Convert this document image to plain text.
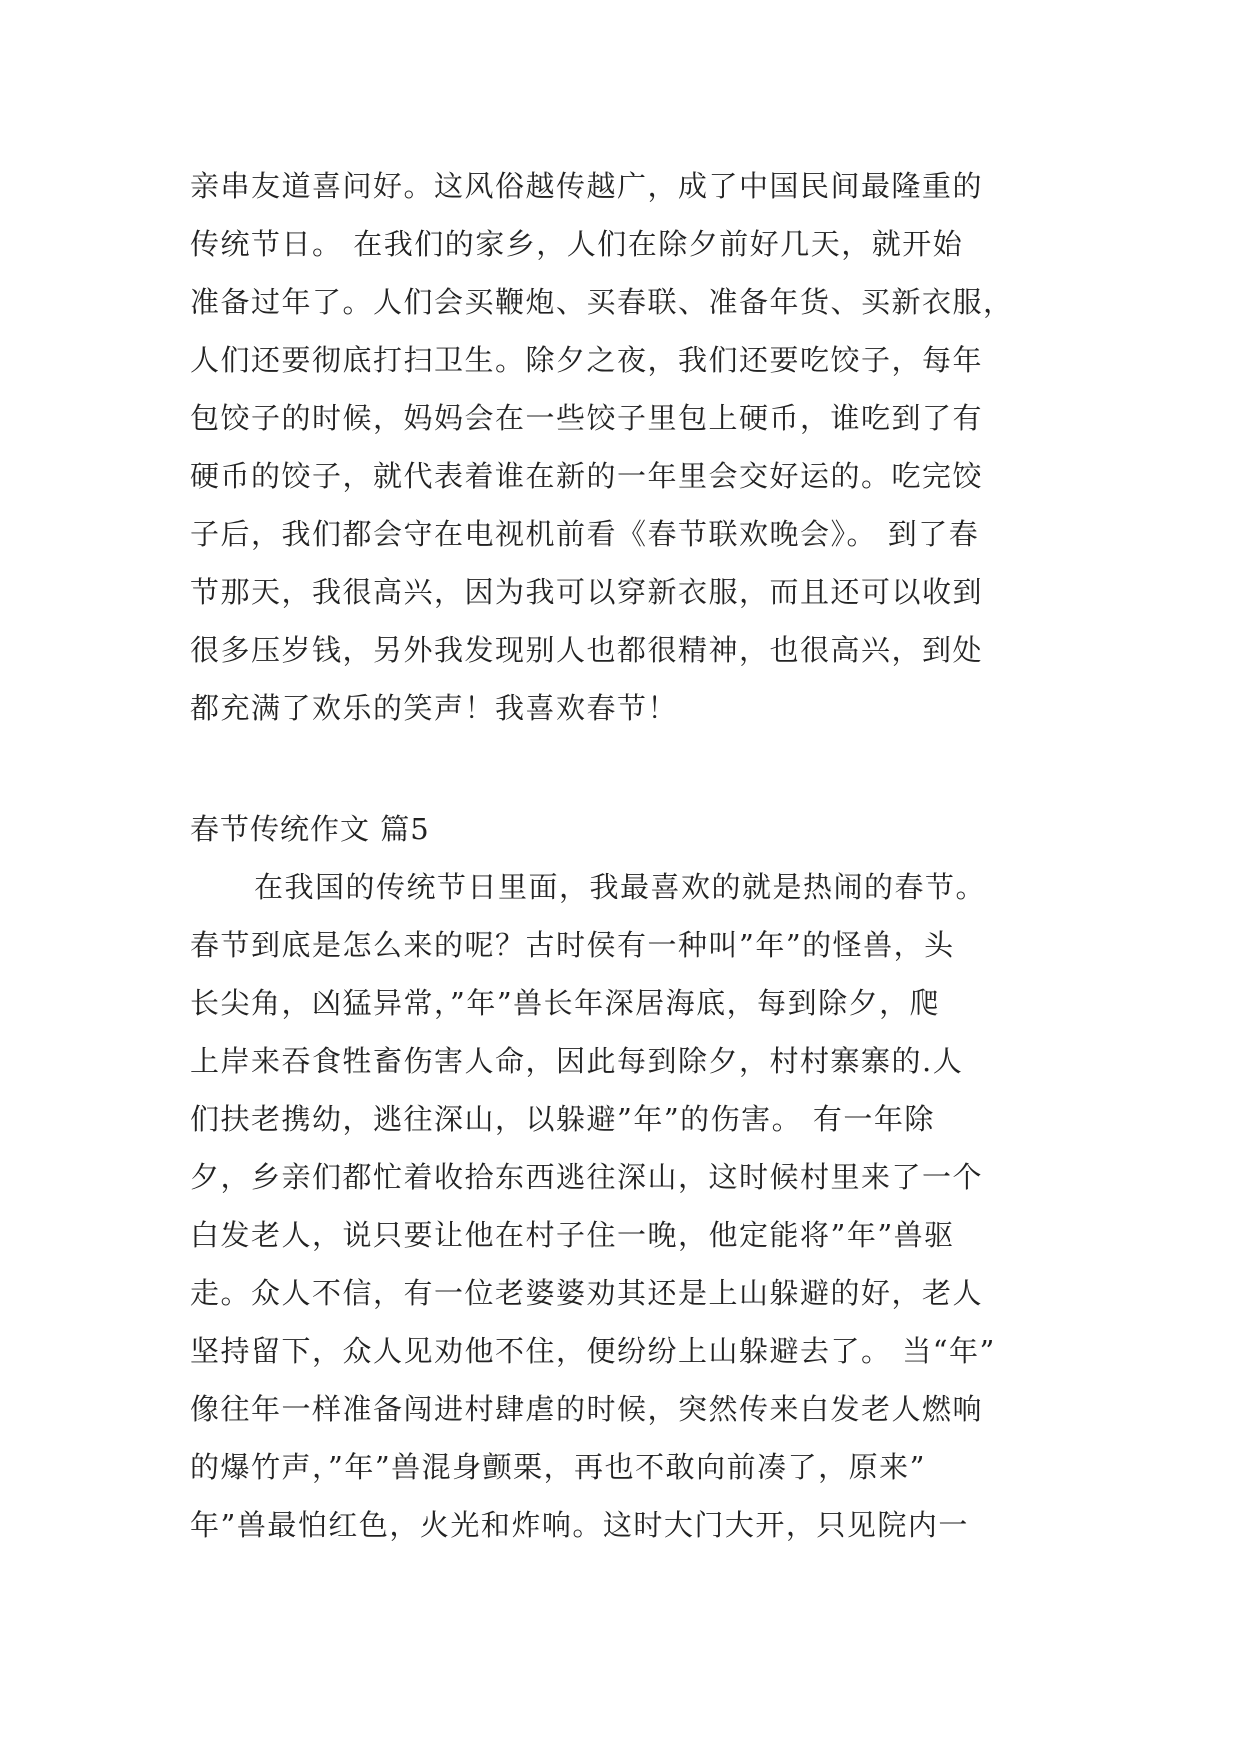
亲串友道喜问好。这风俗越传越广，成了中国民间最隆重的
传统节日。 在我们的家乡，人们在除夕前好几天，就开始
准备过年了。人们会买鞭炮、买春联、准备年货、买新衣服，
人们还要彻底打扫卫生。除夕之夜，我们还要吃饺子，每年
包饺子的时候，妈妈会在一些饺子里包上硬币，谁吃到了有
硬币的饺子，就代表着谁在新的一年里会交好运的。吃完饺
子后，我们都会守在电视机前看《春节联欢晚会》。 到了春
节那天，我很高兴，因为我可以穿新衣服，而且还可以收到
很多压岁钱，另外我发现别人也都很精神，也很高兴，到处
都充满了欢乐的笑声！我喜欢春节！
春节传统作文 篇5
在我国的传统节日里面，我最喜欢的就是热闹的春节。
春节到底是怎么来的呢？古时侯有一种叫”年”的怪兽，头
长尖角，凶猛异常，”年”兽长年深居海底，每到除夕，爬
上岸来吞食牲畜伤害人命，因此每到除夕，村村寨寨的.人
们扶老携幼，逃往深山，以躲避”年”的伤害。 有一年除
夕，乡亲们都忙着收拾东西逃往深山，这时候村里来了一个
白发老人，说只要让他在村子住一晚，他定能将”年”兽驱
走。众人不信，有一位老婆婆劝其还是上山躲避的好，老人
坚持留下，众人见劝他不住，便纷纷上山躲避去了。 当“年”
像往年一样准备闯进村肆虐的时候，突然传来白发老人燃响
的爆竹声，”年”兽混身颤栗，再也不敢向前凑了，原来”
年”兽最怕红色，火光和炸响。这时大门大开，只见院内一
